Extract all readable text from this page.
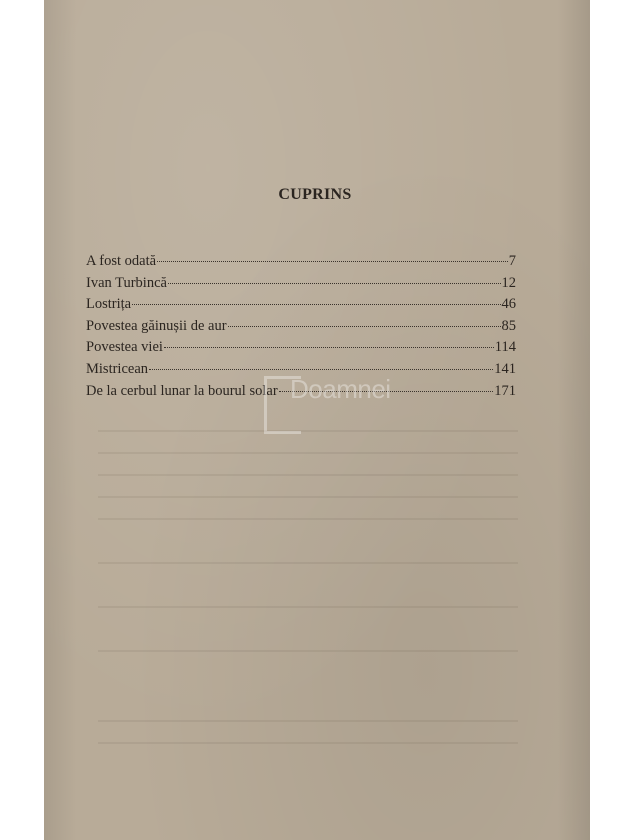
CUPRINS
A fost odată	7
Ivan Turbincă	12
Lostrița	46
Povestea găinușii de aur	85
Povestea viei	114
Mistricean	141
De la cerbul lunar la bourul solar	171
Doamnei
